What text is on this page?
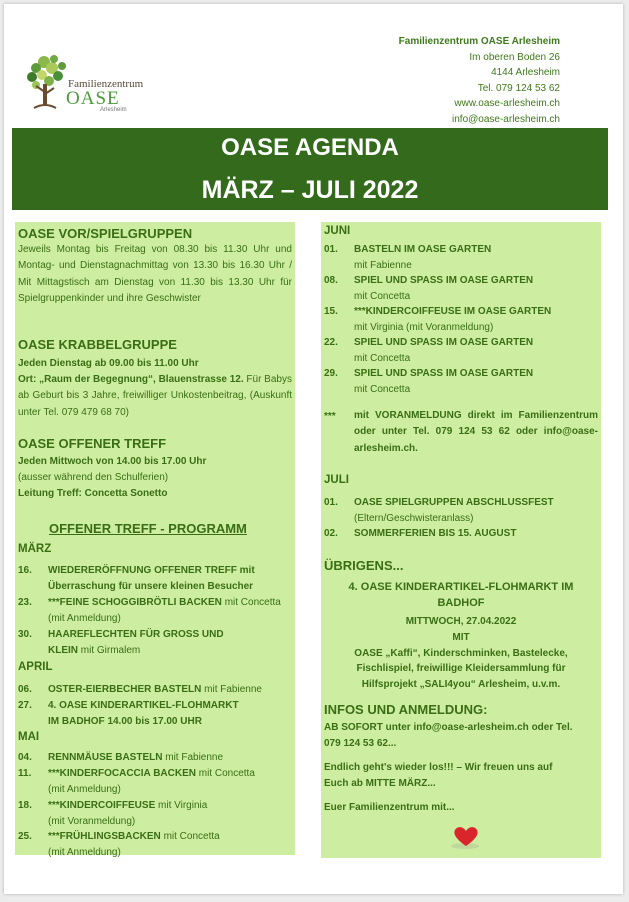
Familienzentrum
OASE
Arlesheim
Familienzentrum OASE Arlesheim
Im oberen Boden 26
4144 Arlesheim
Tel. 079 124 53 62
www.oase-arlesheim.ch
info@oase-arlesheim.ch
OASE AGENDA
MÄRZ – JULI 2022
OASE VOR/SPIELGRUPPEN
Jeweils Montag bis Freitag von 08.30 bis 11.30 Uhr und Montag- und Dienstagnachmittag von 13.30 bis 16.30 Uhr / Mit Mittagstisch am Dienstag von 11.30 bis 13.30 Uhr für Spielgruppenkinder und ihre Geschwister
OASE KRABBELGRUPPE
Jeden Dienstag ab 09.00 bis 11.00 Uhr
Ort: „Raum der Begegnung“, Blauenstrasse 12. Für Babys ab Geburt bis 3 Jahre, freiwilliger Unkostenbeitrag, (Auskunft unter Tel. 079 479 68 70)
OASE OFFENER TREFF
Jeden Mittwoch von 14.00 bis 17.00 Uhr
(ausser während den Schulferien)
Leitung Treff: Concetta Sonetto
OFFENER TREFF - PROGRAMM
MÄRZ
16. WIEDERERÖFFNUNG OFFENER TREFF mit Überraschung für unsere kleinen Besucher
23. ***FEINE SCHOGGIBRÖTLI BACKEN mit Concetta (mit Anmeldung)
30. HAAREFLECHTEN FÜR GROSS UND KLEIN mit Girmalem
APRIL
06. OSTER-EIERBECHER BASTELN mit Fabienne
27. 4. OASE KINDERARTIKEL-FLOHMARKT IM BADHOF 14.00 bis 17.00 UHR
MAI
04. RENNMÄUSE BASTELN mit Fabienne
11. ***KINDERFOCACCIA BACKEN mit Concetta
(mit Anmeldung)
18. ***KINDERCOIFFEUSE mit Virginia
(mit Voranmeldung)
25. ***FRÜHLINGSBACKEN mit Concetta
(mit Anmeldung)
JUNI
01. BASTELN IM OASE GARTEN
mit Fabienne
08. SPIEL UND SPASS IM OASE GARTEN
mit Concetta
15. ***KINDERCOIFFEUSE IM OASE GARTEN
mit Virginia (mit Voranmeldung)
22. SPIEL UND SPASS IM OASE GARTEN
mit Concetta
29. SPIEL UND SPASS IM OASE GARTEN
mit Concetta
*** mit VORANMELDUNG direkt im Familienzentrum oder unter Tel. 079 124 53 62 oder info@oase-arlesheim.ch.
JULI
01. OASE SPIELGRUPPEN ABSCHLUSSFEST
(Eltern/Geschwisteranlass)
02. SOMMERFERIEN BIS 15. AUGUST
ÜBRIGENS...
4. OASE KINDERARTIKEL-FLOHMARKT IM
BADHOF
MITTWOCH, 27.04.2022
MIT
OASE „Kaffi“, Kinderschminken, Bastelecke,
Fischlispiel, freiwillige Kleidersammlung für
Hilfsprojekt „SALI4you“ Arlesheim, u.v.m.
INFOS UND ANMELDUNG:
AB SOFORT unter info@oase-arlesheim.ch oder Tel.
079 124 53 62...
Endlich geht's wieder los!!! – Wir freuen uns auf
Euch ab MITTE MÄRZ...
Euer Familienzentrum mit...
